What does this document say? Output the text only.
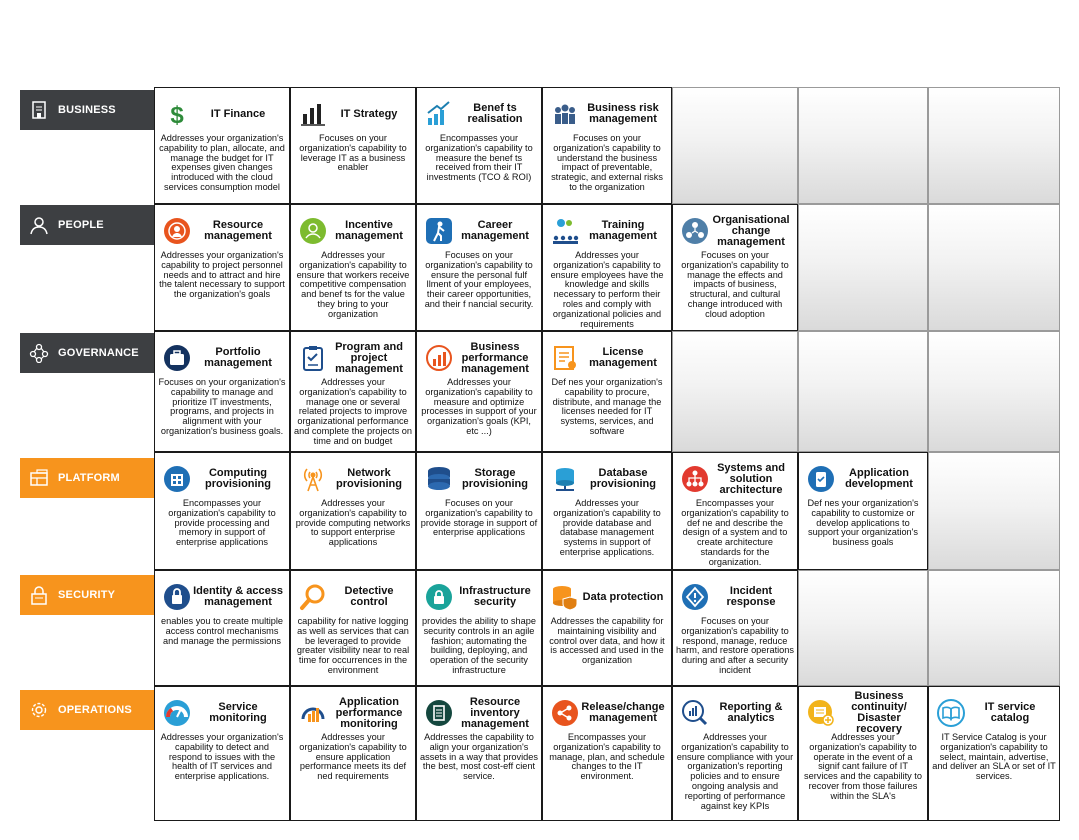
BUSINESS
PEOPLE
GOVERNANCE
PLATFORM
SECURITY
OPERATIONS
$	IT Finance
Addresses your organization's capability to plan, allocate, and manage the budget for IT expenses given changes introduced with the cloud services consumption model
IT Strategy
Focuses on your organization's capability to leverage IT as a business enabler
Benef ts realisation
Encompasses your organization's capability to measure the benef ts received from their IT investments (TCO & ROI)
Business risk management
Focuses on your organization's capability to understand the business impact of preventable, strategic, and external risks to the organization
Resource management
Addresses your organization's capability to project personnel needs and to attract and hire the talent necessary to support the organization's goals
Incentive management
Addresses your organization's capability to ensure that workers receive competitive compensation and benef ts for the value they bring to your organization
Career management
Focuses on your organization's capability to ensure the personal fulf llment of your employees, their career opportunities, and their f nancial security.
Training management
Addresses your organization's capability to ensure employees have the knowledge and skills necessary to perform their roles and comply with organizational policies and requirements
Organisational change management
Focuses on your organization's capability to manage the effects and impacts of business, structural, and cultural change introduced with cloud adoption
Portfolio management
Focuses on your organization's capability to manage and prioritize IT investments, programs, and projects in alignment with your organization's business goals.
Program and project management
Addresses your organization's capability to manage one or several related projects to improve organizational performance and complete the projects on time and on budget
Business performance management
Addresses your organization's capability to measure and optimize processes in support of your organization's goals (KPI, etc ...)
License management
Def nes your organization's capability to procure, distribute, and manage the licenses needed for IT systems, services, and software
Computing provisioning
Encompasses your organization's capability to provide processing and memory in support of enterprise applications
Network provisioning
Addresses your organization's capability to provide computing networks to support enterprise applications
Storage provisioning
Focuses on your organization's capability to provide storage in support of enterprise applications
Database provisioning
Addresses your organization's capability to provide database and database management systems in support of enterprise applications.
Systems and solution architecture
Encompasses your organization's capability to def ne and describe the design of a system and to create architecture standards for the organization.
Application development
Def nes your organization's capability to customize or develop applications to support your organization's business goals
Identity & access management
enables you to create multiple access control mechanisms and manage the permissions
Detective control
capability for native logging as well as services that can be leveraged to provide greater visibility near to real time for occurrences in the environment
Infrastructure security
provides the ability to shape security controls in an agile fashion; automating the building, deploying, and operation of the security infrastructure
Data protection
Addresses the capability for maintaining visibility and control over data, and how it is accessed and used in the organization
Incident response
Focuses on your organization's capability to respond, manage, reduce harm, and restore operations during and after a security incident
Service monitoring
Addresses your organization's capability to detect and respond to issues with the health of IT services and enterprise applications.
Application performance monitoring
Addresses your organization's capability to ensure application performance meets its def ned requirements
Resource inventory management
Addresses the capability to align your organization's assets in a way that provides the best, most cost-eff cient service.
Release/change management
Encompasses your organization's capability to manage, plan, and schedule changes to the IT environment.
Reporting & analytics
Addresses your organization's capability to ensure compliance with your organization's reporting policies and to ensure ongoing analysis and reporting of performance against key KPIs
Business continuity/ Disaster recovery
Addresses your organization's capability to operate in the event of a signif cant failure of IT services and the capability to recover from those failures within the SLA's
IT service catalog
IT Service Catalog is your organization's capability to select, maintain, advertise, and deliver an SLA or set of IT services.
